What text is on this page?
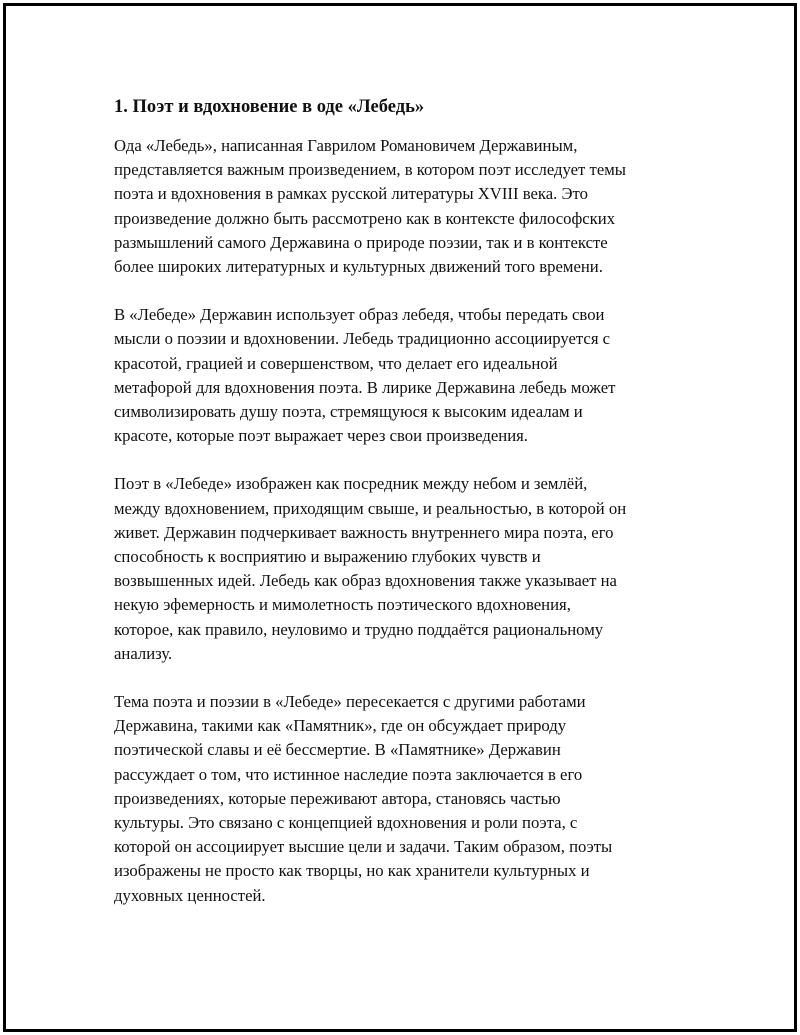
1. Поэт и вдохновение в оде «Лебедь»

Ода «Лебедь», написанная Гаврилом Романовичем Державиным,
представляется важным произведением, в котором поэт исследует темы
поэта и вдохновения в рамках русской литературы XVIII века. Это
произведение должно быть рассмотрено как в контексте философских
размышлений самого Державина о природе поэзии, так и в контексте
более широких литературных и культурных движений того времени.

В «Лебеде» Державин использует образ лебедя, чтобы передать свои
мысли о поэзии и вдохновении. Лебедь традиционно ассоциируется с
красотой, грацией и совершенством, что делает его идеальной
метафорой для вдохновения поэта. В лирике Державина лебедь может
символизировать душу поэта, стремящуюся к высоким идеалам и
красоте, которые поэт выражает через свои произведения.

Поэт в «Лебеде» изображен как посредник между небом и землёй,
между вдохновением, приходящим свыше, и реальностью, в которой он
живет. Державин подчеркивает важность внутреннего мира поэта, его
способность к восприятию и выражению глубоких чувств и
возвышенных идей. Лебедь как образ вдохновения также указывает на
некую эфемерность и мимолетность поэтического вдохновения,
которое, как правило, неуловимо и трудно поддаётся рациональному
анализу.

Тема поэта и поэзии в «Лебеде» пересекается с другими работами
Державина, такими как «Памятник», где он обсуждает природу
поэтической славы и её бессмертие. В «Памятнике» Державин
рассуждает о том, что истинное наследие поэта заключается в его
произведениях, которые переживают автора, становясь частью
культуры. Это связано с концепцией вдохновения и роли поэта, с
которой он ассоциирует высшие цели и задачи. Таким образом, поэты
изображены не просто как творцы, но как хранители культурных и
духовных ценностей.
